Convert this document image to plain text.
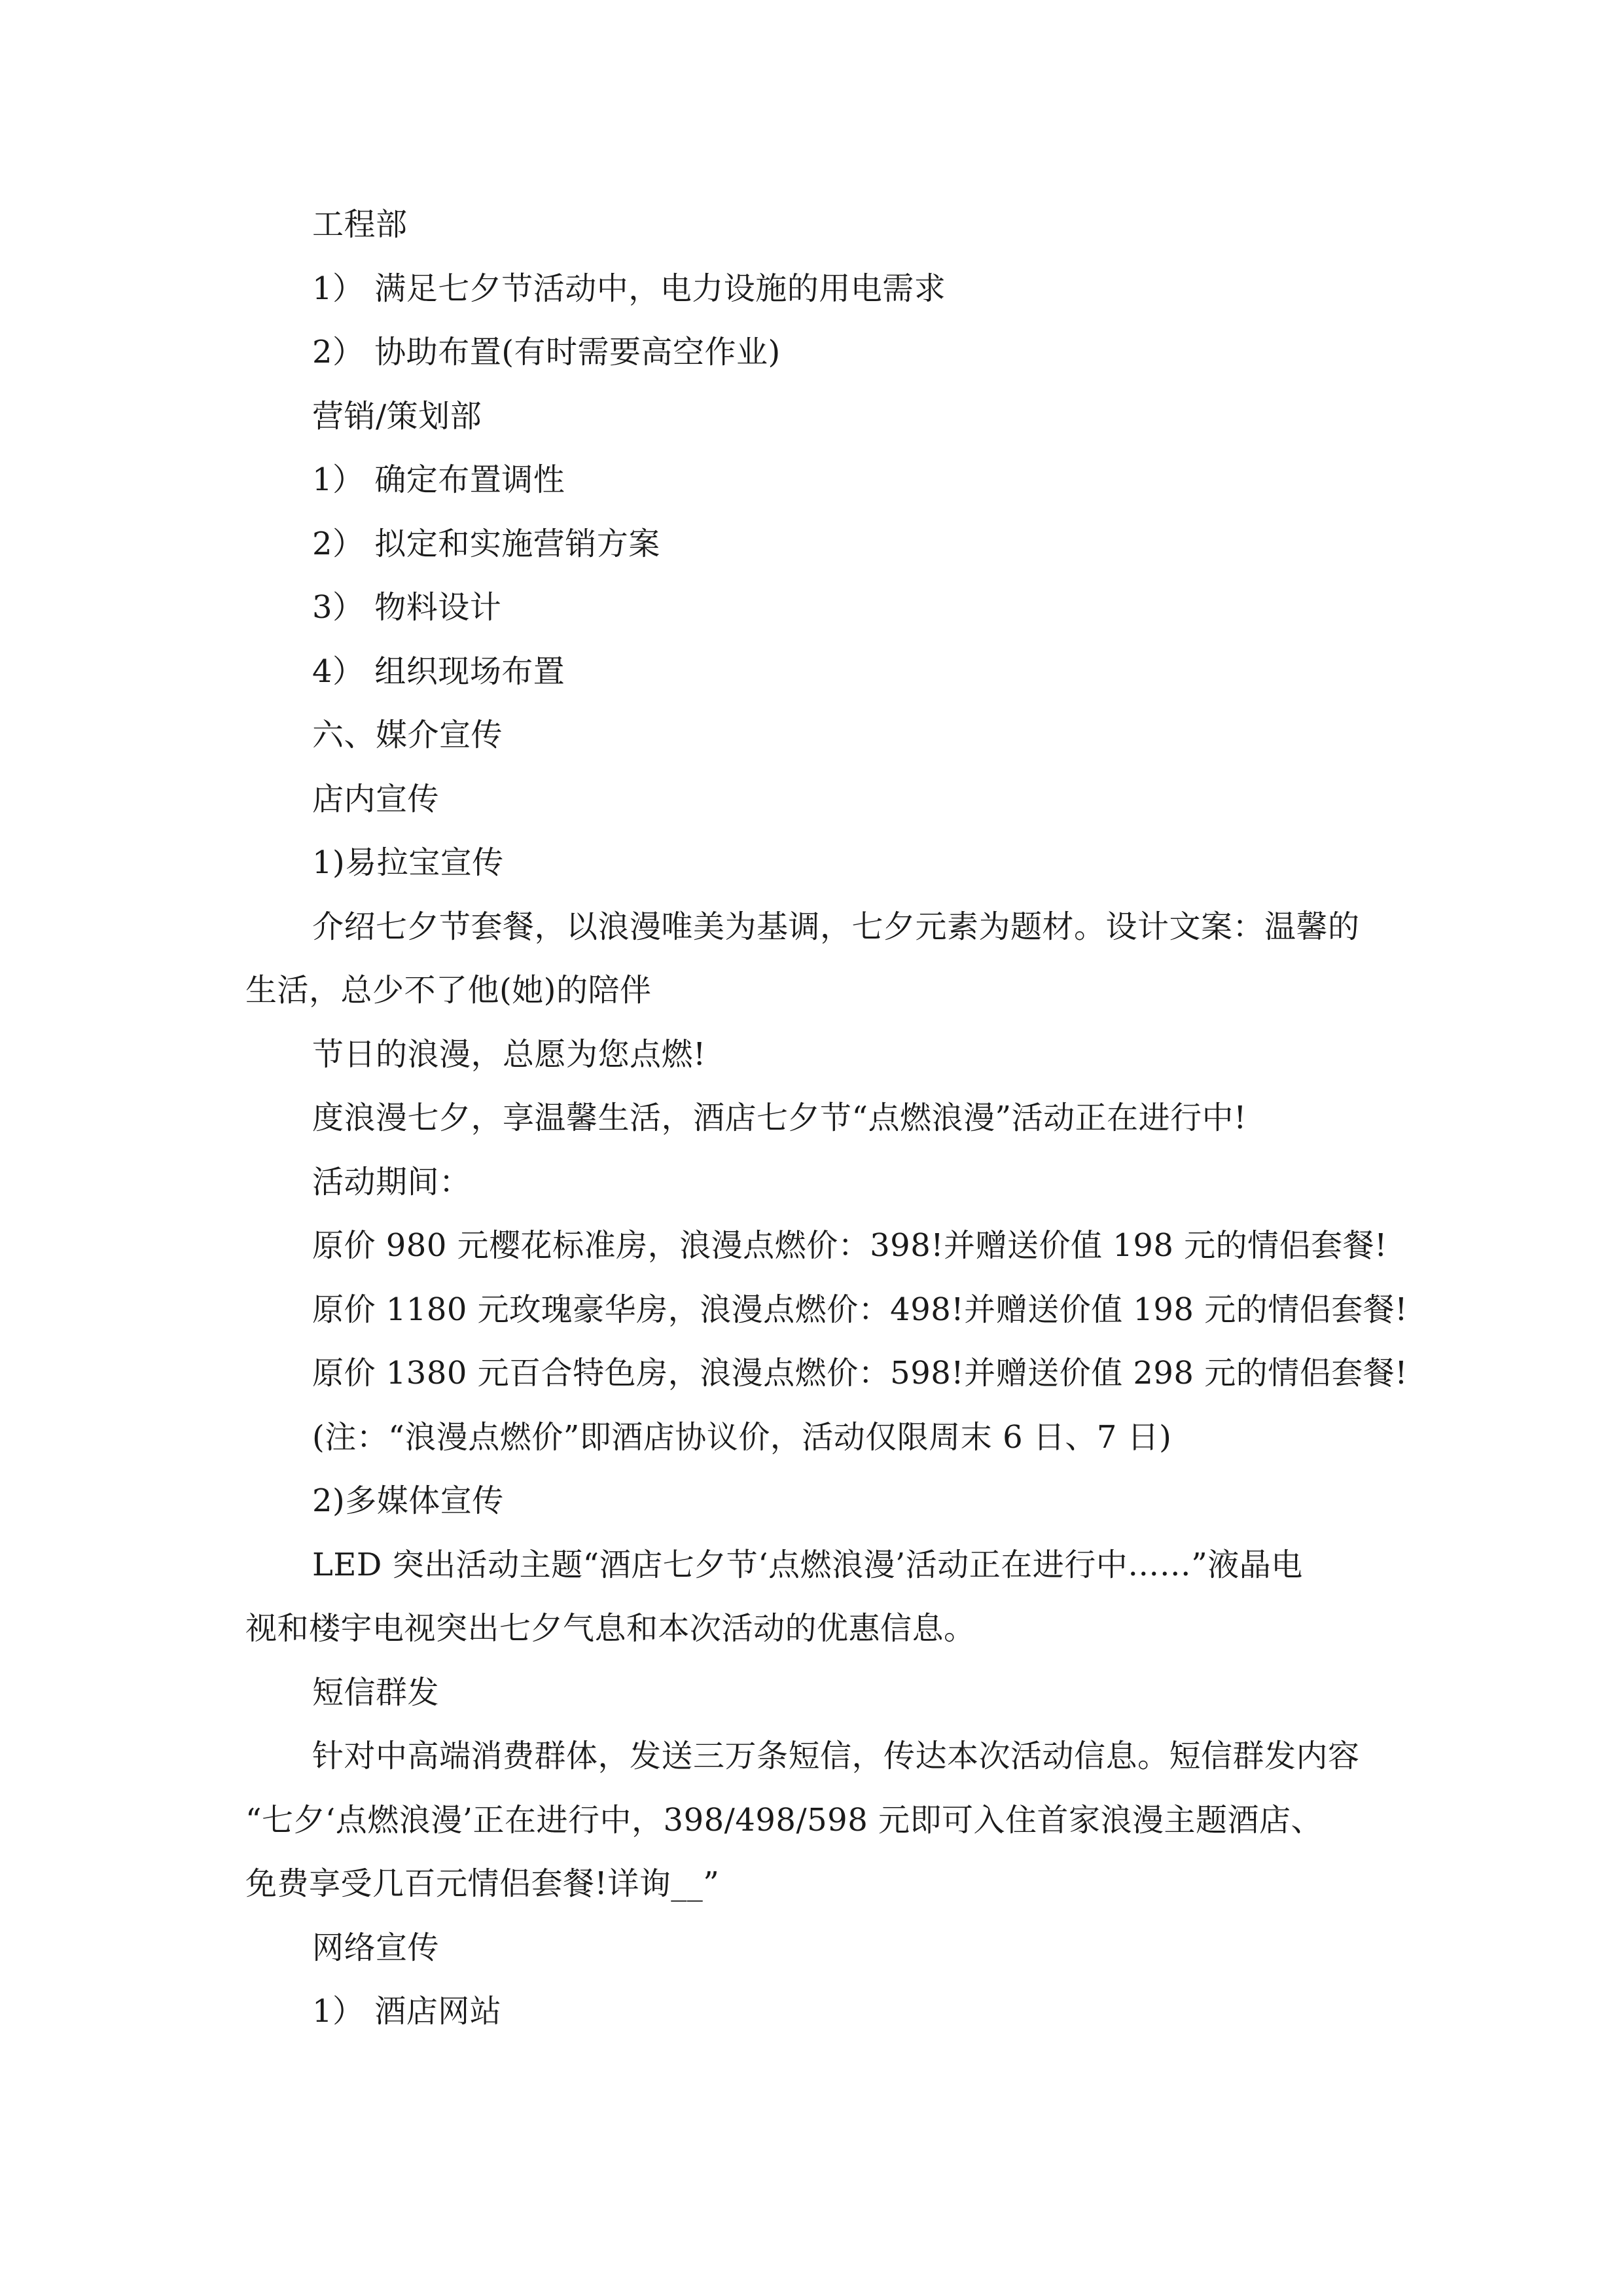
工程部
1） 满足七夕节活动中，电力设施的用电需求
2） 协助布置(有时需要高空作业)
营销/策划部
1） 确定布置调性
2） 拟定和实施营销方案
3） 物料设计
4） 组织现场布置
六、媒介宣传
店内宣传
1)易拉宝宣传
介绍七夕节套餐，以浪漫唯美为基调，七夕元素为题材。设计文案：温馨的
生活，总少不了他(她)的陪伴
节日的浪漫，总愿为您点燃!
度浪漫七夕，享温馨生活，酒店七夕节“点燃浪漫”活动正在进行中!
活动期间：
原价 980 元樱花标准房，浪漫点燃价：398!并赠送价值 198 元的情侣套餐!
原价 1180 元玫瑰豪华房，浪漫点燃价：498!并赠送价值 198 元的情侣套餐!
原价 1380 元百合特色房，浪漫点燃价：598!并赠送价值 298 元的情侣套餐!
(注：“浪漫点燃价”即酒店协议价，活动仅限周末 6 日、7 日)
2)多媒体宣传
LED 突出活动主题“酒店七夕节‘点燃浪漫’活动正在进行中……”液晶电
视和楼宇电视突出七夕气息和本次活动的优惠信息。
短信群发
针对中高端消费群体，发送三万条短信，传达本次活动信息。短信群发内容
“七夕‘点燃浪漫’正在进行中，398/498/598 元即可入住首家浪漫主题酒店、
免费享受几百元情侣套餐!详询__”
网络宣传
1） 酒店网站
